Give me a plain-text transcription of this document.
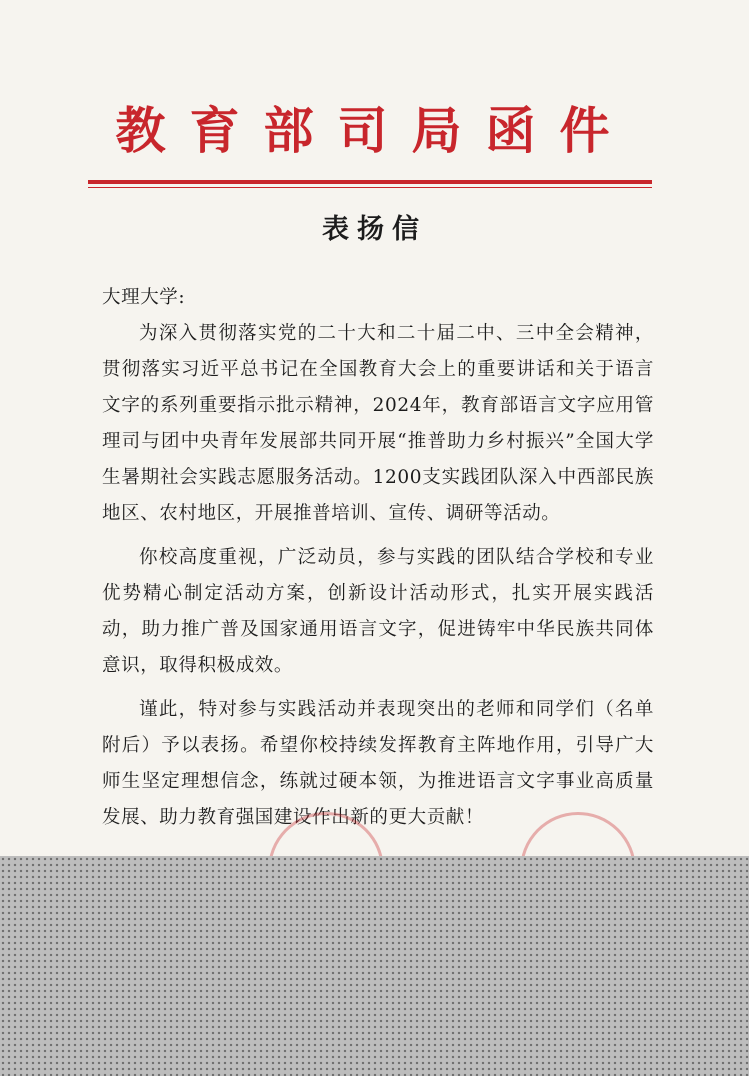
教育部司局函件
表扬信

大理大学:

为深入贯彻落实党的二十大和二十届二中、三中全会精神，贯彻落实习近平总书记在全国教育大会上的重要讲话和关于语言文字的系列重要指示批示精神，2024年，教育部语言文字应用管理司与团中央青年发展部共同开展“推普助力乡村振兴”全国大学生暑期社会实践志愿服务活动。1200支实践团队深入中西部民族地区、农村地区，开展推普培训、宣传、调研等活动。

你校高度重视，广泛动员，参与实践的团队结合学校和专业优势精心制定活动方案，创新设计活动形式，扎实开展实践活动，助力推广普及国家通用语言文字，促进铸牢中华民族共同体意识，取得积极成效。

谨此，特对参与实践活动并表现突出的老师和同学们（名单附后）予以表扬。希望你校持续发挥教育主阵地作用，引导广大师生坚定理想信念，练就过硬本领，为推进语言文字事业高质量发展、助力教育强国建设作出新的更大贡献！
